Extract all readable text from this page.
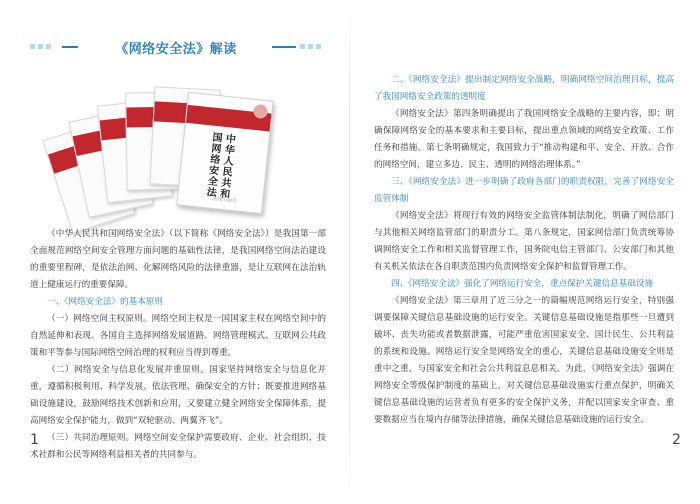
《网络安全法》解读
中华人民共和国网络安全法
法律出版社
《中华人民共和国网络安全法》（以下简称《网络安全法》）是我国第一部全面规范网络空间安全管理方面问题的基础性法律，是我国网络空间法治建设的重要里程碑，是依法治网、化解网络风险的法律重器，是让互联网在法治轨道上健康运行的重要保障。
一、《网络安全法》的基本原则
（一）网络空间主权原则。网络空间主权是一国国家主权在网络空间中的自然延伸和表现。各国自主选择网络发展道路、网络管理模式、互联网公共政策和平等参与国际网络空间治理的权利应当得到尊重。
（二）网络安全与信息化发展并重原则。国家坚持网络安全与信息化并重，遵循积极利用、科学发展、依法管理、确保安全的方针；既要推进网络基础设施建设，鼓励网络技术创新和应用，又要建立健全网络安全保障体系，提高网络安全保护能力，做到“双轮驱动、两翼齐飞”。
（三）共同治理原则。网络空间安全保护需要政府、企业、社会组织、技术社群和公民等网络利益相关者的共同参与。
1
二、《网络安全法》提出制定网络安全战略，明确网络空间治理目标，提高了我国网络安全政策的透明度
《网络安全法》第四条明确提出了我国网络安全战略的主要内容，即：明确保障网络安全的基本要求和主要目标，提出重点领域的网络安全政策、工作任务和措施。第七条明确规定，我国致力于“推动构建和平、安全、开放、合作的网络空间，建立多边、民主、透明的网络治理体系。”
三、《网络安全法》进一步明确了政府各部门的职责权限，完善了网络安全监管体制
《网络安全法》将现行有效的网络安全监管体制法制化，明确了网信部门与其他相关网络监管部门的职责分工。第八条规定，国家网信部门负责统筹协调网络安全工作和相关监督管理工作，国务院电信主管部门、公安部门和其他有关机关依法在各自职责范围内负责网络安全保护和监督管理工作。
四、《网络安全法》强化了网络运行安全，重点保护关键信息基础设施
《网络安全法》第三章用了近三分之一的篇幅规范网络运行安全，特别强调要保障关键信息基础设施的运行安全。关键信息基础设施是指那些一旦遭到破坏、丧失功能或者数据泄露，可能严重危害国家安全、国计民生、公共利益的系统和设施。网络运行安全是网络安全的重心，关键信息基础设施安全则是重中之重，与国家安全和社会公共利益息息相关。为此，《网络安全法》强调在网络安全等级保护制度的基础上，对关键信息基础设施实行重点保护，明确关键信息基础设施的运营者负有更多的安全保护义务，并配以国家安全审查、重要数据应当在境内存储等法律措施，确保关键信息基础设施的运行安全。
2
